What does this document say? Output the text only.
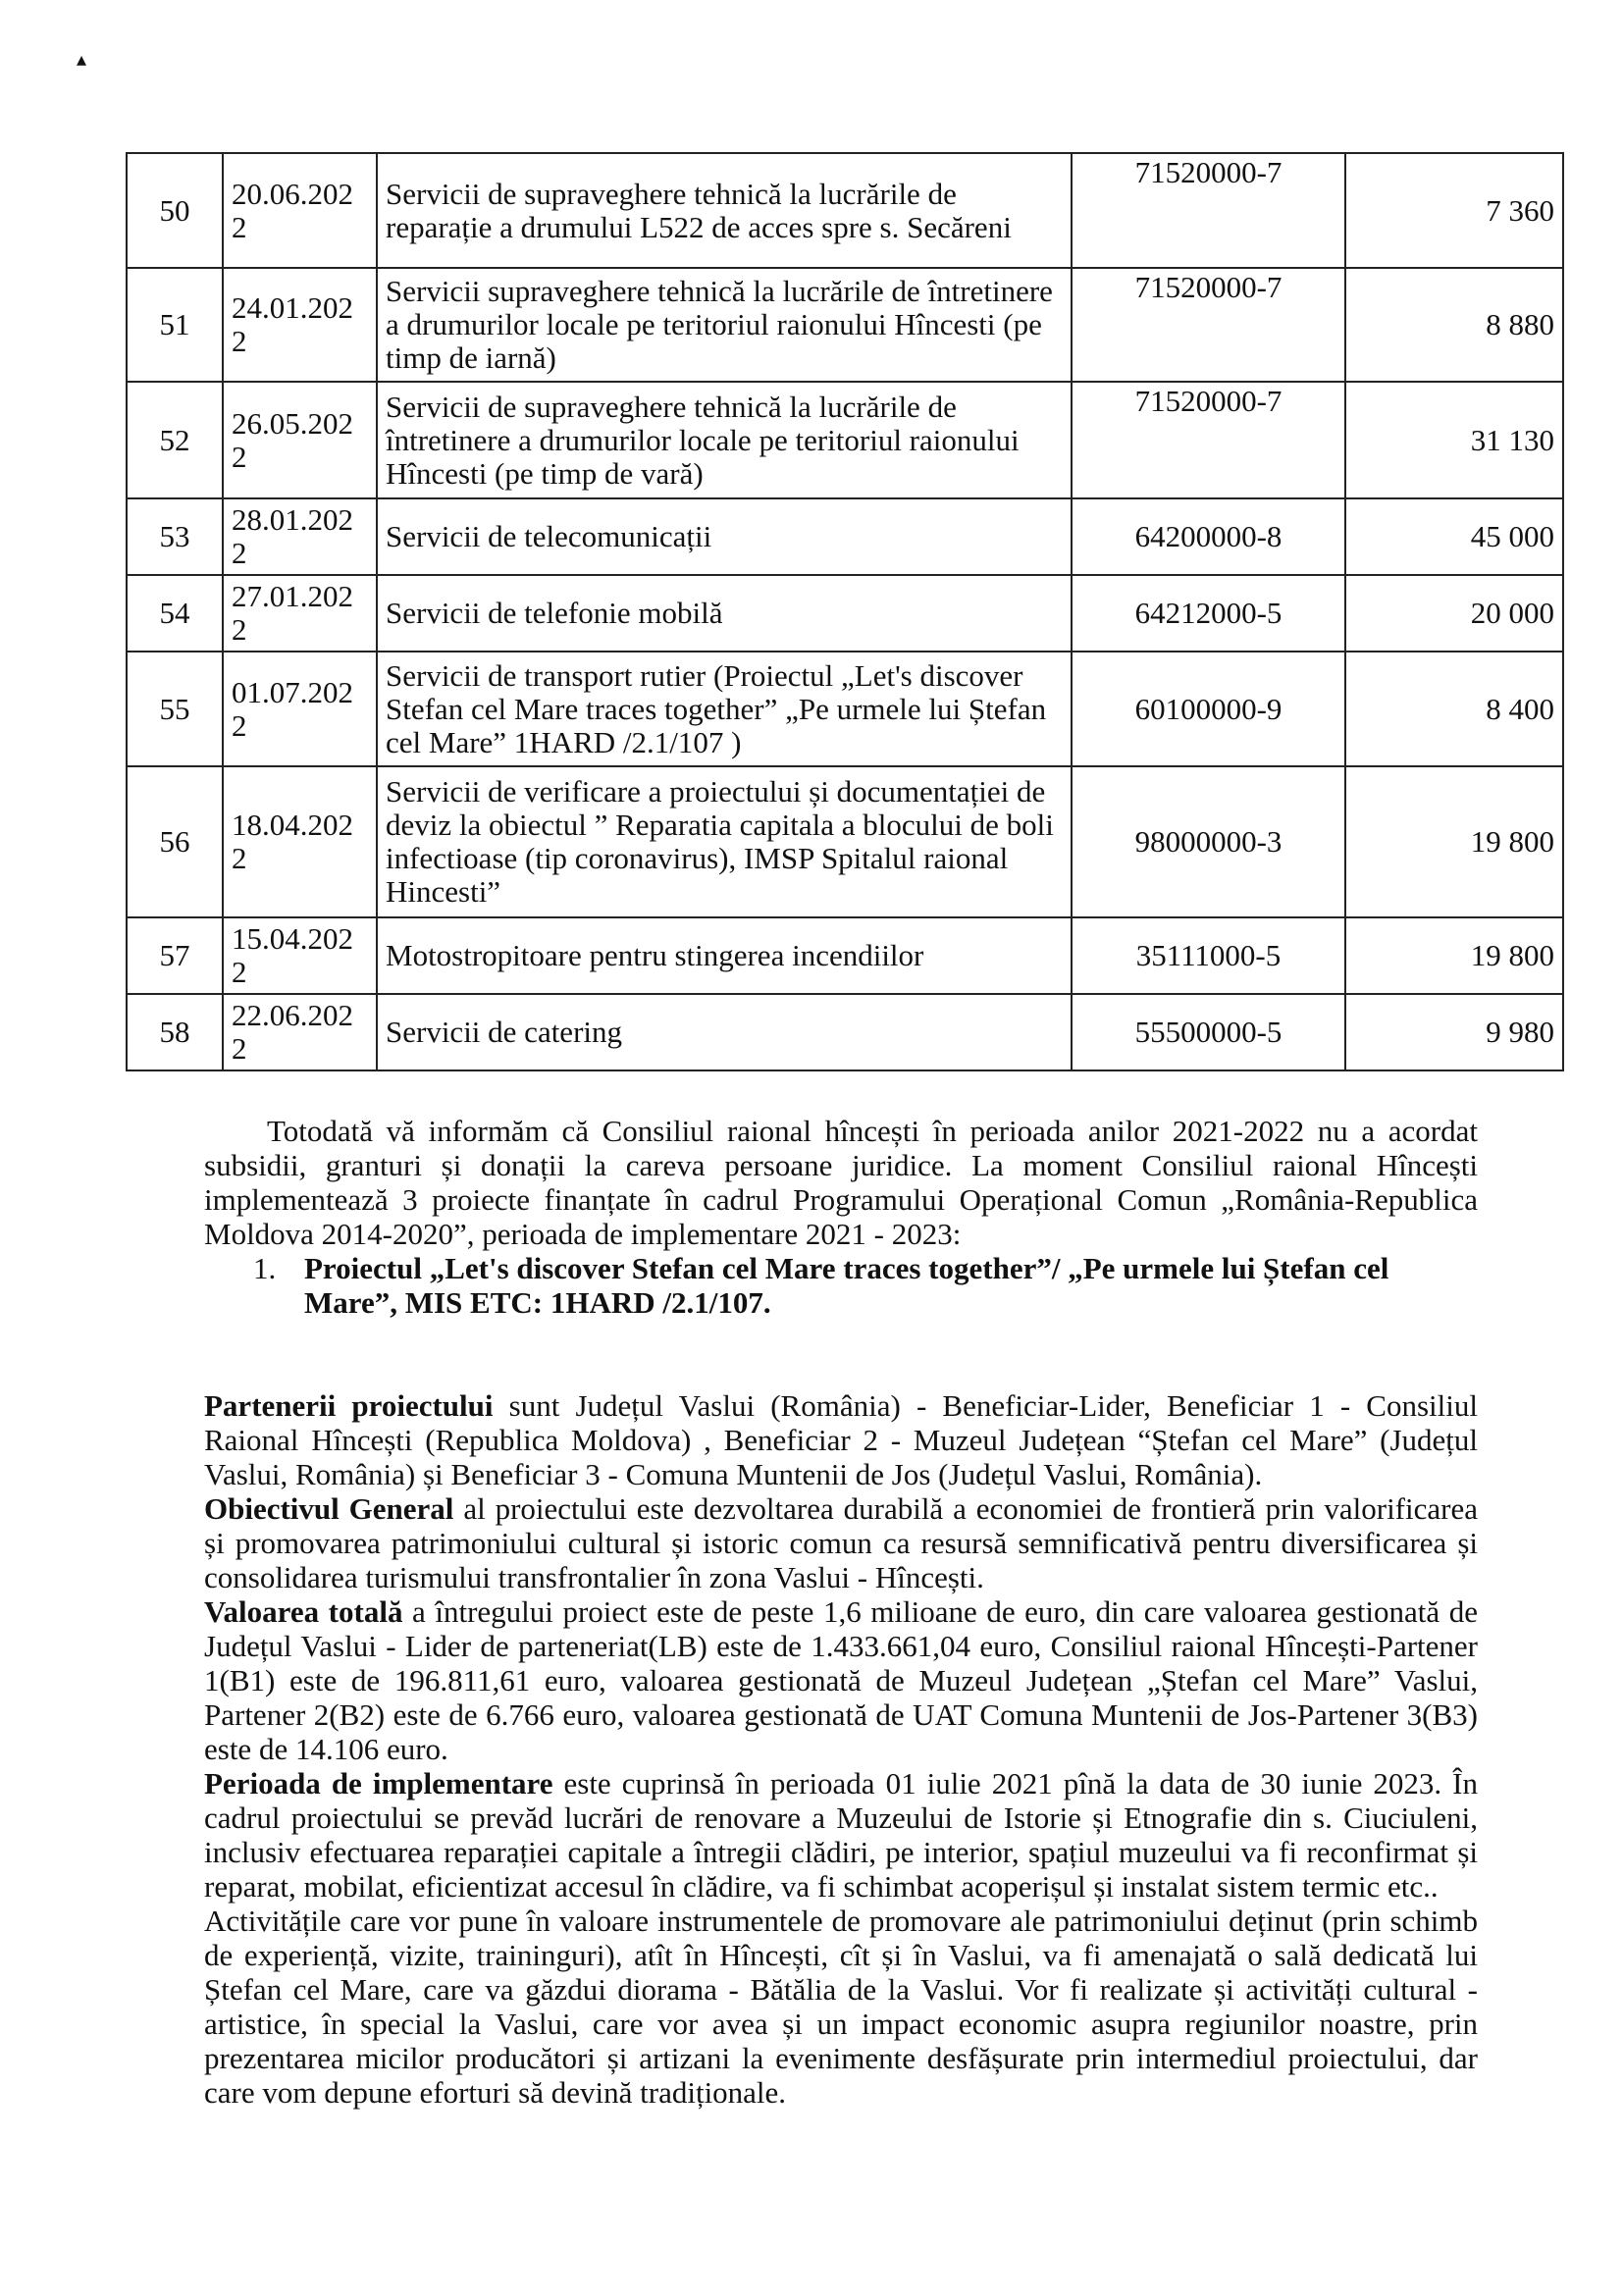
▴
50	20.06.2022	Servicii de supraveghere tehnică la lucrările de reparație a drumului L522 de acces spre s. Secăreni	71520000-7	7 360
51	24.01.2022	Servicii supraveghere tehnică la lucrările de întretinere a drumurilor locale pe teritoriul raionului Hîncesti (pe timp de iarnă)	71520000-7	8 880
52	26.05.2022	Servicii de supraveghere tehnică la lucrările de întretinere a drumurilor locale pe teritoriul raionului Hîncesti (pe timp de vară)	71520000-7	31 130
53	28.01.2022	Servicii de telecomunicații	64200000-8	45 000
54	27.01.2022	Servicii de telefonie mobilă	64212000-5	20 000
55	01.07.2022	Servicii de transport rutier (Proiectul „Let's discover Stefan cel Mare traces together” „Pe urmele lui Ștefan cel Mare” 1HARD /2.1/107 )	60100000-9	8 400
56	18.04.2022	Servicii de verificare a proiectului și documentației de deviz la obiectul ” Reparatia capitala a blocului de boli infectioase (tip coronavirus), IMSP Spitalul raional Hincesti”	98000000-3	19 800
57	15.04.2022	Motostropitoare pentru stingerea incendiilor	35111000-5	19 800
58	22.06.2022	Servicii de catering	55500000-5	9 980
Totodată vă informăm că Consiliul raional hîncești în perioada anilor 2021-2022 nu a acordat subsidii, granturi și donații la careva persoane juridice. La moment Consiliul raional Hîncești implementează 3 proiecte finanțate în cadrul Programului Operațional Comun „România-Republica Moldova 2014-2020”, perioada de implementare 2021 - 2023:
1. Proiectul „Let's discover Stefan cel Mare traces together”/ „Pe urmele lui Ștefan cel Mare”, MIS ETC: 1HARD /2.1/107.

Partenerii proiectului sunt Județul Vaslui (România) - Beneficiar-Lider, Beneficiar 1 - Consiliul Raional Hîncești (Republica Moldova) , Beneficiar 2 - Muzeul Județean “Ștefan cel Mare” (Județul Vaslui, România) și Beneficiar 3 - Comuna Muntenii de Jos (Județul Vaslui, România).

Obiectivul General al proiectului este dezvoltarea durabilă a economiei de frontieră prin valorificarea și promovarea patrimoniului cultural și istoric comun ca resursă semnificativă pentru diversificarea și consolidarea turismului transfrontalier în zona Vaslui - Hîncești.

Valoarea totală a întregului proiect este de peste 1,6 milioane de euro, din care valoarea gestionată de Județul Vaslui - Lider de parteneriat(LB) este de 1.433.661,04 euro, Consiliul raional Hîncești-Partener 1(B1) este de 196.811,61 euro, valoarea gestionată de Muzeul Județean „Ștefan cel Mare” Vaslui, Partener 2(B2) este de 6.766 euro, valoarea gestionată de UAT Comuna Muntenii de Jos-Partener 3(B3) este de 14.106 euro.

Perioada de implementare este cuprinsă în perioada 01 iulie 2021 pînă la data de 30 iunie 2023. În cadrul proiectului se prevăd lucrări de renovare a Muzeului de Istorie și Etnografie din s. Ciuciuleni, inclusiv efectuarea reparației capitale a întregii clădiri, pe interior, spațiul muzeului va fi reconfirmat și reparat, mobilat, eficientizat accesul în clădire, va fi schimbat acoperișul și instalat sistem termic etc..

Activitățile care vor pune în valoare instrumentele de promovare ale patrimoniului deținut (prin schimb de experiență, vizite, traininguri), atît în Hîncești, cît și în Vaslui, va fi amenajată o sală dedicată lui Ștefan cel Mare, care va găzdui diorama - Bătălia de la Vaslui. Vor fi realizate și activități cultural - artistice, în special la Vaslui, care vor avea și un impact economic asupra regiunilor noastre, prin prezentarea micilor producători și artizani la evenimente desfășurate prin intermediul proiectului, dar care vom depune eforturi să devină tradiționale.
